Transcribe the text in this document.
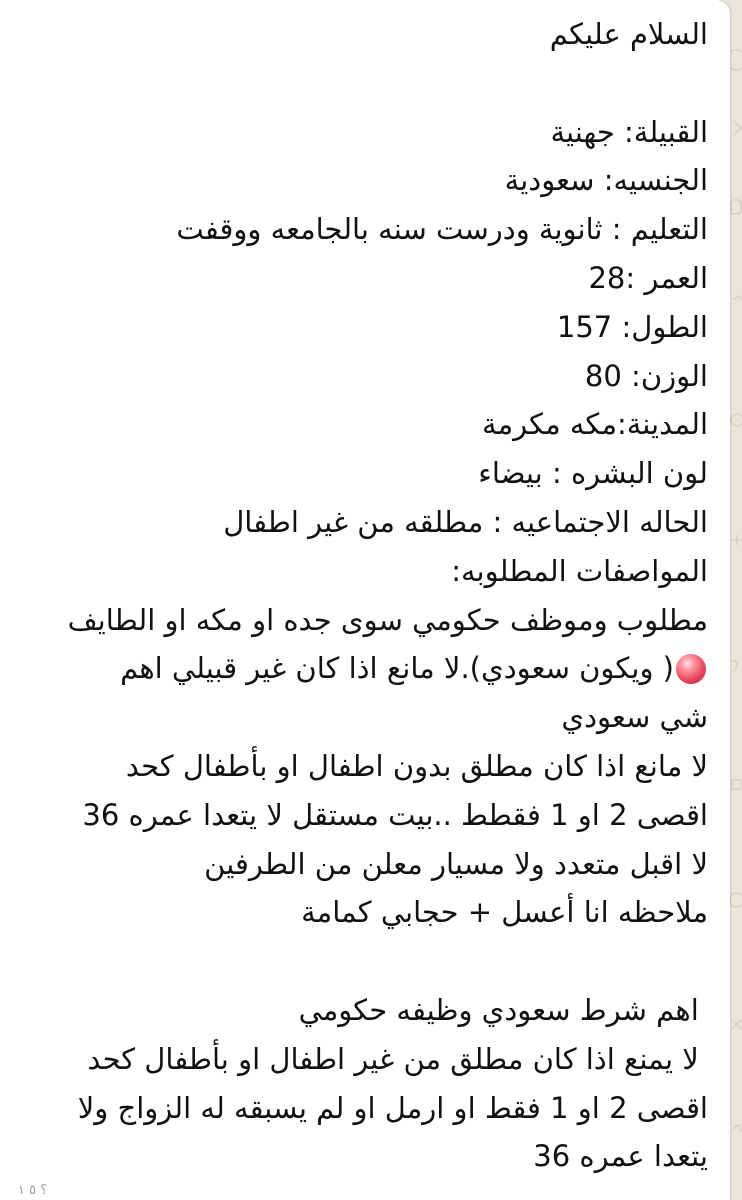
السلام عليكم

القبيلة: جهنية
الجنسيه: سعودية
التعليم : ثانوية ودرست سنه بالجامعه ووقفت
العمر :28
الطول: 157
الوزن: 80
المدينة:مكه مكرمة
لون البشره : بيضاء
الحاله الاجتماعيه : مطلقه من غير اطفال
المواصفات المطلوبه:
مطلوب وموظف حكومي سوى جده او مكه او الطايف
( ويكون سعودي).لا مانع اذا كان غير قبيلي اهم
شي سعودي
لا مانع اذا كان مطلق بدون اطفال او بأطفال كحد
اقصى 2 او 1 فقطط ..بيت مستقل لا يتعدا عمره 36
لا اقبل متعدد ولا مسيار معلن من الطرفين
ملاحظه انا أعسل + حجابي كمامة

اهم شرط سعودي وظيفه حكومي
لا يمنع اذا كان مطلق من غير اطفال او بأطفال كحد
اقصى 2 او 1 فقط او ارمل او لم يسبقه له الزواج ولا
يتعدا عمره 36
؟ ٥ ١
